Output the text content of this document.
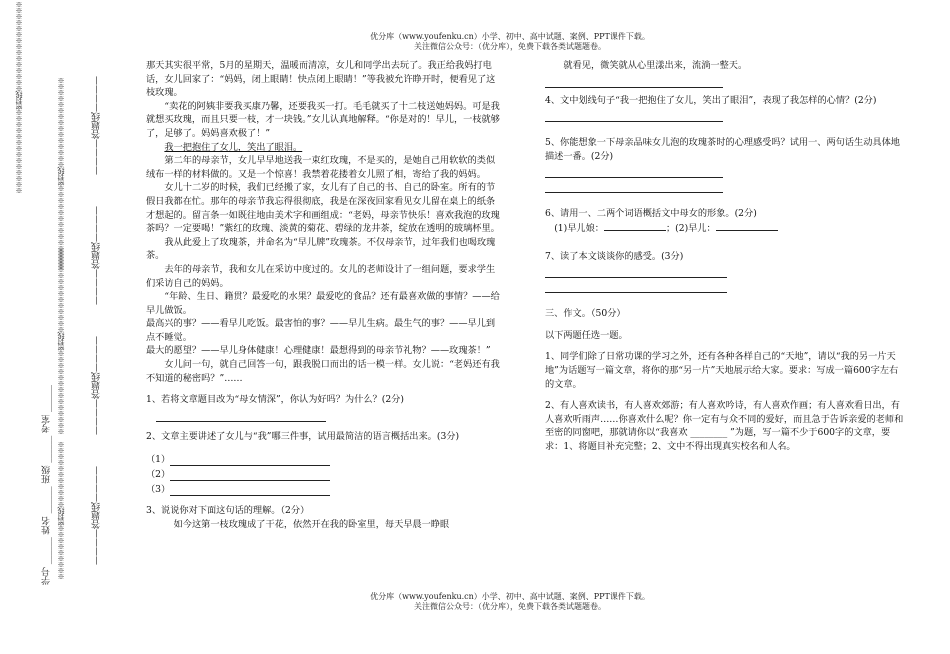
优分库（www.youfenku.cn）小学、初中、高中试题、案例、PPT课件下载。
关注微信公众号：（优分库），免费下载各类试题题卷。
※※※※※※※※※※※※※※密封线※※※※※※※※※※※※※※※	※※※※※※※※※※※※※※密封线※※※※※※※※※※※※※※※	————答题线————
————答题线————
※※※※※※※※※※※※※※密封线※※※※※※※※※※※※※※	————答题线————
————答题线————
※※※※※※※※※密封线※※※※※※※※※※※
学号 ______ 姓名 ______ 班级 ______ 考室 ______

那天其实很平常，5月的星期天，温暖而清凉，女儿和同学出去玩了。我正给我妈打电话，女儿回家了：“妈妈，闭上眼睛！快点闭上眼睛！”等我被允许睁开时，便看见了这枝玫瑰。

“卖花的阿姨非要我买康乃馨，还要我买一打。毛毛就买了十二枝送她妈妈。可是我就想买玫瑰，而且只要一枝，才一块钱。”女儿认真地解释。“你是对的！早儿，一枝就够了，足够了。妈妈喜欢极了！”

我一把抱住了女儿，笑出了眼泪。

第二年的母亲节，女儿早早地送我一束红玫瑰，不是买的，是她自己用软软的类似绒布一样的材料做的。又是一个惊喜！我禁着花搂着女儿照了相，寄给了我的妈妈。

女儿十二岁的时候，我们已经搬了家，女儿有了自己的书、自己的卧室。所有的节假日我都在忙。那年的母亲节我忘得很彻底，我是在深夜回家看见女儿留在桌上的纸条才想起的。留言条一如既往地由美术字和画组成：“老妈，母亲节快乐！喜欢我泡的玫瑰茶吗？一定要喝！”紫红的玫瑰、淡黄的菊花、碧绿的龙井茶，绽放在透明的玻璃杯里。

我从此爱上了玫瑰茶，并命名为“早儿牌”玫瑰茶。不仅母亲节，过年我们也喝玫瑰茶。

去年的母亲节，我和女儿在采访中度过的。女儿的老师设计了一组问题，要求学生们采访自己的妈妈。

“年龄、生日、籍贯？最爱吃的水果？最爱吃的食品？还有最喜欢做的事情？——给早儿做饭。

最高兴的事？——看早儿吃饭。最害怕的事？——早儿生病。最生气的事？——早儿到点不睡觉。

最大的愿望？——早儿身体健康！心理健康！最想得到的母亲节礼物？——玫瑰茶！”

女儿问一句，就自己回答一句，跟我脱口而出的话一模一样。女儿说：“老妈还有我不知道的秘密吗？”……

1、若将文章题目改为“母女情深”，你认为好吗？为什么？(2分)

2、文章主要讲述了女儿与“我”哪三件事，试用最简洁的语言概括出来。(3分)

（1）
（2）
（3）

3、说说你对下面这句话的理解。（2分）

如今这第一枝玫瑰成了干花，依然开在我的卧室里，每天早晨一睁眼

就看见，微笑就从心里漾出来，流淌一整天。

4、文中划线句子“我一把抱住了女儿，笑出了眼泪”，表现了我怎样的心情？(2分)

5、你能想象一下母亲品味女儿泡的玫瑰茶时的心理感受吗？试用一、两句话生动具体地描述一番。(2分)

6、请用一、二两个词语概括文中母女的形象。(2分)

(1)早儿娘：	；(2)早儿：

7、读了本文谈谈你的感受。(3分)

三、作文。（50分）

以下两题任选一题。

1、同学们除了日常功课的学习之外，还有各种各样自己的“天地”，请以“我的另一片天地”为话题写一篇文章，将你的那“另一片”天地展示给大家。要求：写成一篇600字左右的文章。

2、有人喜欢读书，有人喜欢郊游；有人喜欢吟诗，有人喜欢作画；有人喜欢看日出，有人喜欢听雨声……你喜欢什么呢？你一定有与众不同的爱好，而且急于告诉亲爱的老师和至密的同窗吧，那就请你以“我喜欢 ________ ”为题，写一篇不少于600字的文章，要求：1、将题目补充完整；2、文中不得出现真实校名和人名。

优分库（www.youfenku.cn）小学、初中、高中试题、案例、PPT课件下载。
关注微信公众号：（优分库），免费下载各类试题题卷。
